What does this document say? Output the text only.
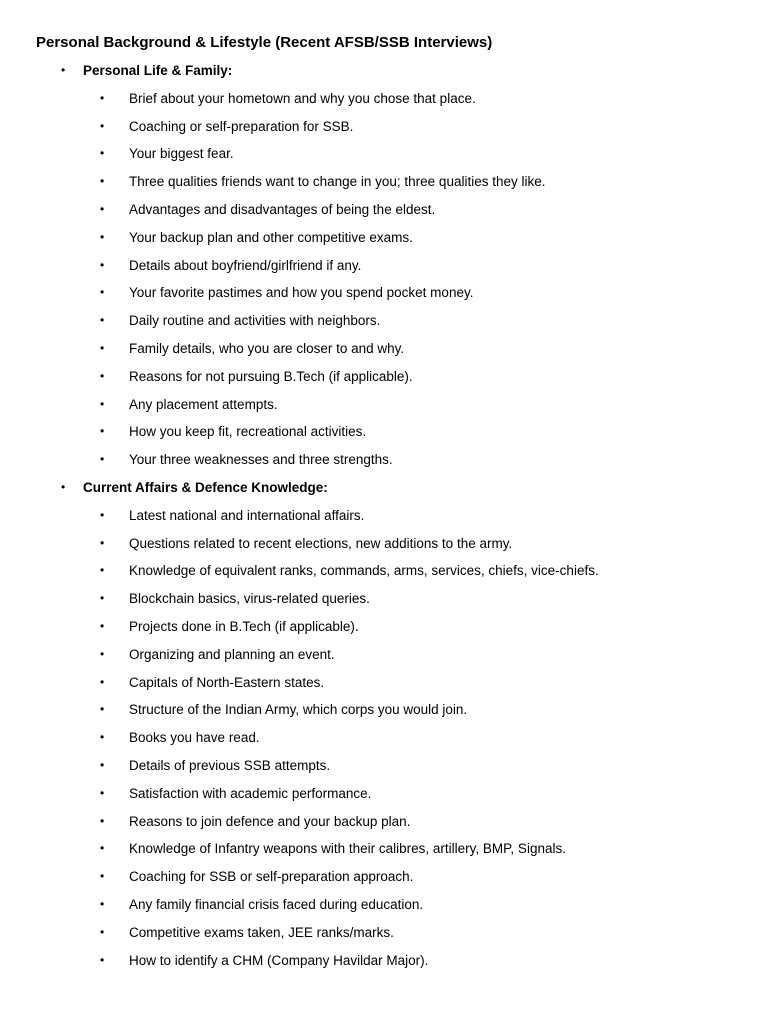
Personal Background & Lifestyle (Recent AFSB/SSB Interviews)
• Personal Life & Family:
• Brief about your hometown and why you chose that place.
• Coaching or self-preparation for SSB.
• Your biggest fear.
• Three qualities friends want to change in you; three qualities they like.
• Advantages and disadvantages of being the eldest.
• Your backup plan and other competitive exams.
• Details about boyfriend/girlfriend if any.
• Your favorite pastimes and how you spend pocket money.
• Daily routine and activities with neighbors.
• Family details, who you are closer to and why.
• Reasons for not pursuing B.Tech (if applicable).
• Any placement attempts.
• How you keep fit, recreational activities.
• Your three weaknesses and three strengths.
• Current Affairs & Defence Knowledge:
• Latest national and international affairs.
• Questions related to recent elections, new additions to the army.
• Knowledge of equivalent ranks, commands, arms, services, chiefs, vice-chiefs.
• Blockchain basics, virus-related queries.
• Projects done in B.Tech (if applicable).
• Organizing and planning an event.
• Capitals of North-Eastern states.
• Structure of the Indian Army, which corps you would join.
• Books you have read.
• Details of previous SSB attempts.
• Satisfaction with academic performance.
• Reasons to join defence and your backup plan.
• Knowledge of Infantry weapons with their calibres, artillery, BMP, Signals.
• Coaching for SSB or self-preparation approach.
• Any family financial crisis faced during education.
• Competitive exams taken, JEE ranks/marks.
• How to identify a CHM (Company Havildar Major).
